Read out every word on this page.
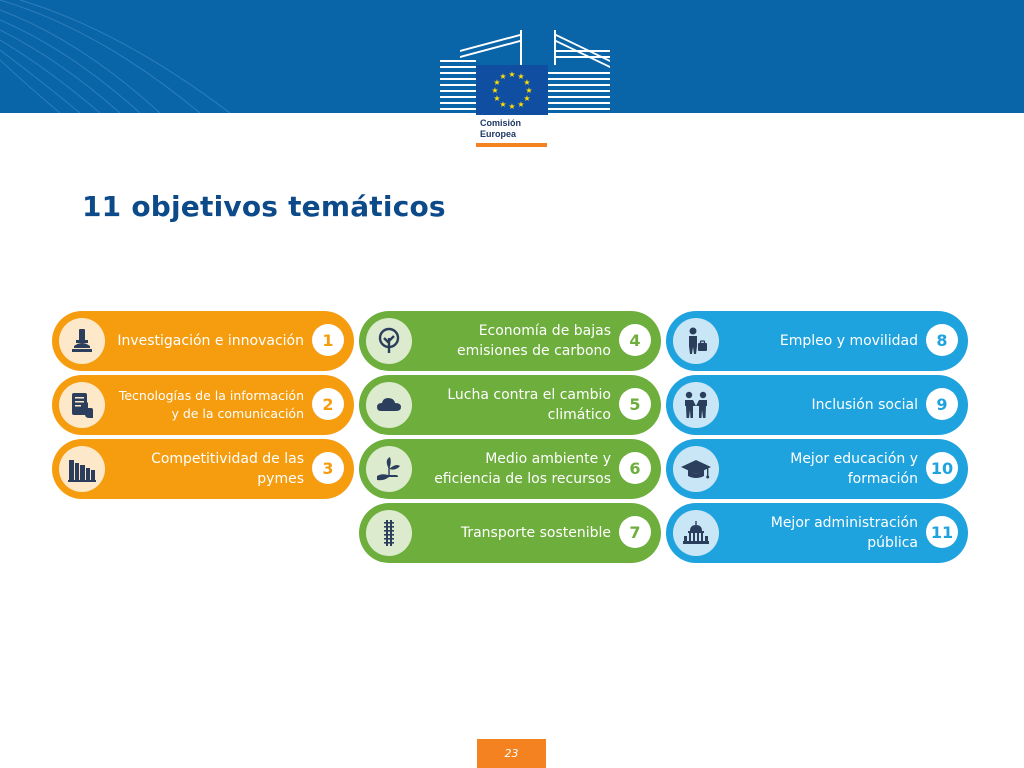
★ ★
★
★
★
★
★
★
★
★
★
★
Comisión
Europea
11 objetivos temáticos
Investigación e innovación	1
Tecnologías de la información
y de la comunicación	2
Competitividad de las
pymes
3
Economía de bajas
emisiones de carbono
4
Lucha contra el cambio
climático
5
Medio ambiente y
eficiencia de los recursos
6
Transporte sostenible	7
Empleo y movilidad	8
Inclusión social	9
Mejor educación y
formación
10
Mejor administración
pública
11
23
